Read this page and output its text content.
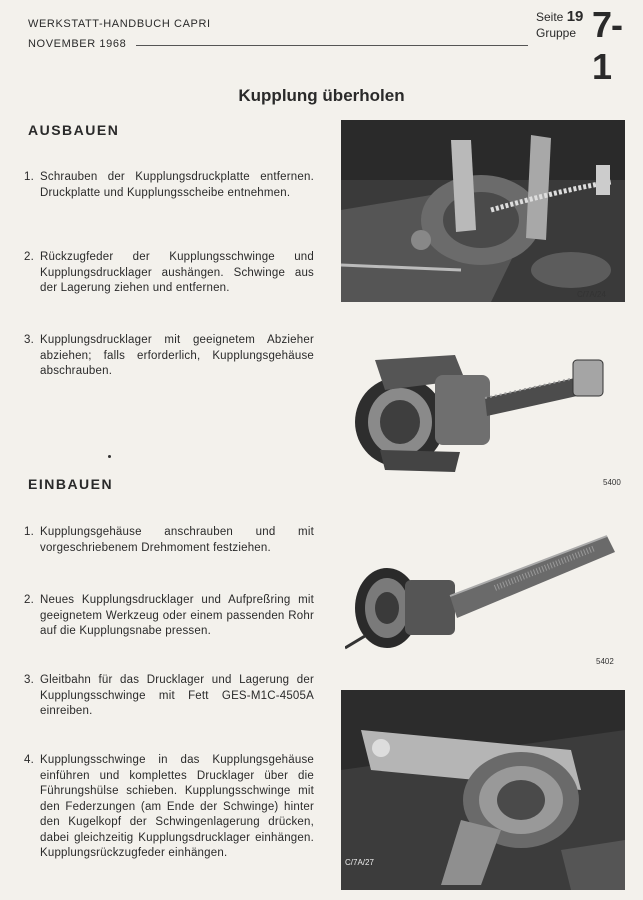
WERKSTATT-HANDBUCH CAPRI
NOVEMBER 1968
Seite 19
Gruppe 7-1
Kupplung überholen
AUSBAUEN
1. Schrauben der Kupplungsdruckplatte entfernen. Druckplatte und Kupplungsscheibe entnehmen.
2. Rückzugfeder der Kupplungsschwinge und Kupplungsdrucklager aushängen. Schwinge aus der Lagerung ziehen und entfernen.
3. Kupplungsdrucklager mit geeignetem Abzieher abziehen; falls erforderlich, Kupplungsgehäuse abschrauben.
EINBAUEN
1. Kupplungsgehäuse anschrauben und mit vorgeschriebenem Drehmoment festziehen.
2. Neues Kupplungsdrucklager und Aufpreßring mit geeignetem Werkzeug oder einem passenden Rohr auf die Kupplungsnabe pressen.
3. Gleitbahn für das Drucklager und Lagerung der Kupplungsschwinge mit Fett GES-M1C-4505A einreiben.
4. Kupplungsschwinge in das Kupplungsgehäuse einführen und komplettes Drucklager über die Führungshülse schieben. Kupplungsschwinge mit den Federzungen (am Ende der Schwinge) hinter den Kugelkopf der Schwingenlagerung drücken, dabei gleichzeitig Kupplungsdrucklager einhängen. Kupplungsrückzugfeder einhängen.
C/7A/24
5400
5402
C/7A/27
